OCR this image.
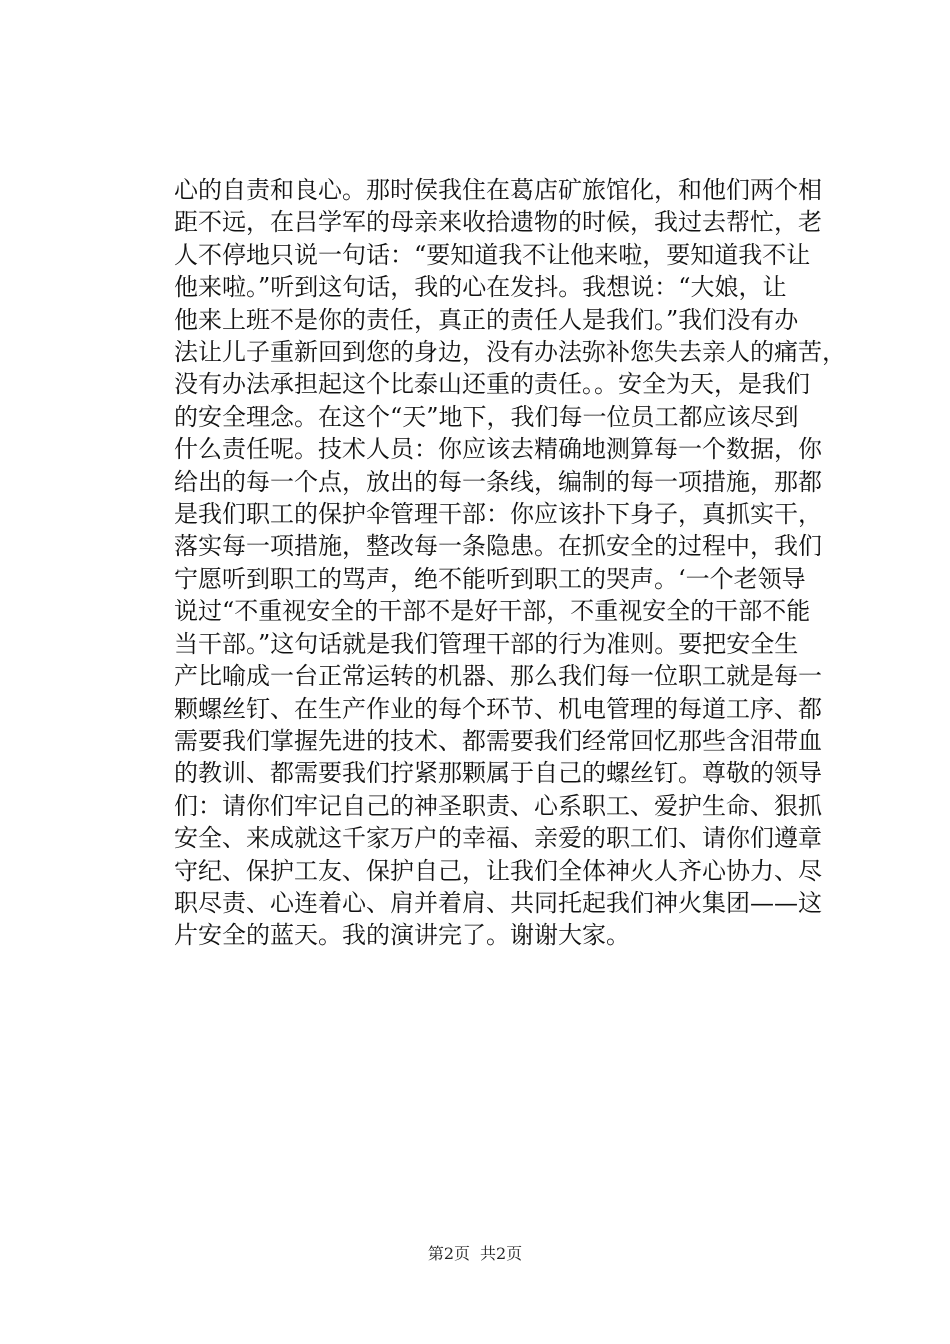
心的自责和良心。那时侯我住在葛店矿旅馆化，和他们两个相
距不远，在吕学军的母亲来收拾遗物的时候，我过去帮忙，老
人不停地只说一句话：“要知道我不让他来啦，要知道我不让
他来啦。”听到这句话，我的心在发抖。我想说：“大娘，让
他来上班不是你的责任，真正的责任人是我们。”我们没有办
法让儿子重新回到您的身边，没有办法弥补您失去亲人的痛苦，
没有办法承担起这个比泰山还重的责任。。安全为天，是我们
的安全理念。在这个“天”地下，我们每一位员工都应该尽到
什么责任呢。技术人员：你应该去精确地测算每一个数据，你
给出的每一个点，放出的每一条线，编制的每一项措施，那都
是我们职工的保护伞管理干部：你应该扑下身子，真抓实干，
落实每一项措施，整改每一条隐患。在抓安全的过程中，我们
宁愿听到职工的骂声，绝不能听到职工的哭声。‘一个老领导
说过“不重视安全的干部不是好干部，不重视安全的干部不能
当干部。”这句话就是我们管理干部的行为准则。要把安全生
产比喻成一台正常运转的机器、那么我们每一位职工就是每一
颗螺丝钉、在生产作业的每个环节、机电管理的每道工序、都
需要我们掌握先进的技术、都需要我们经常回忆那些含泪带血
的教训、都需要我们拧紧那颗属于自己的螺丝钉。尊敬的领导
们：请你们牢记自己的神圣职责、心系职工、爱护生命、狠抓
安全、来成就这千家万户的幸福、亲爱的职工们、请你们遵章
守纪、保护工友、保护自己，让我们全体神火人齐心协力、尽
职尽责、心连着心、肩并着肩、共同托起我们神火集团——这
片安全的蓝天。我的演讲完了。谢谢大家。
第2页 共2页
